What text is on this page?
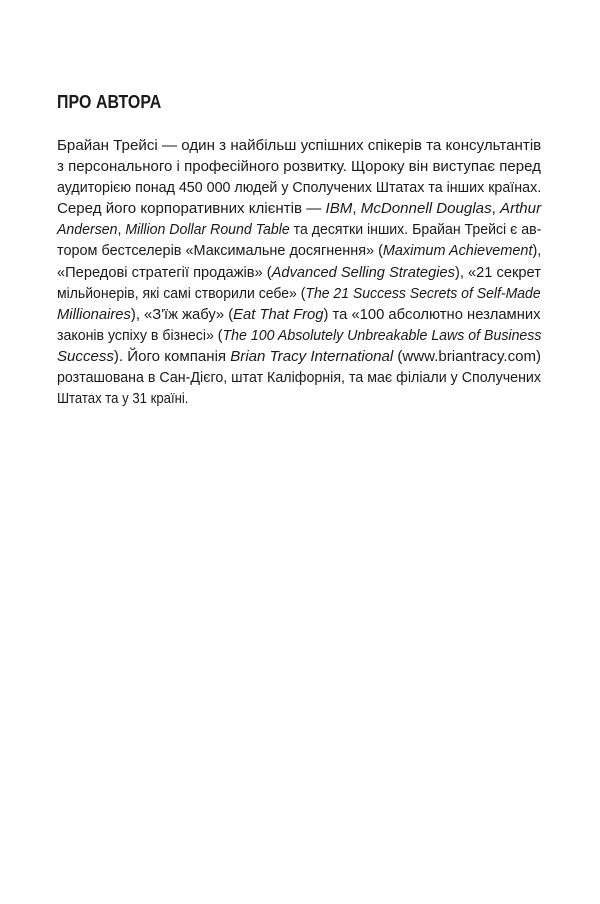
ПРО АВТОРА
Брайан Трейсі — один з найбільш успішних спікерів та консультантів
з персонального і професійного розвитку. Щороку він виступає перед
аудиторією понад 450 000 людей у Сполучених Штатах та інших країнах.
Серед його корпоративних клієнтів — IBM, McDonnell Douglas, Arthur
Andersen, Million Dollar Round Table та десятки інших. Брайан Трейсі є ав-
тором бестселерів «Максимальне досягнення» (Maximum Achievement),
«Передові стратегії продажів» (Advanced Selling Strategies), «21 секрет
мільйонерів, які самі створили себе» (The 21 Success Secrets of Self-Made
Millionaires), «З'їж жабу» (Eat That Frog) та «100 абсолютно незламних
законів успіху в бізнесі» (The 100 Absolutely Unbreakable Laws of Business
Success). Його компанія Brian Tracy International (www.briantracy.com)
розташована в Сан-Дієго, штат Каліфорнія, та має філіали у Сполучених
Штатах та у 31 країні.
